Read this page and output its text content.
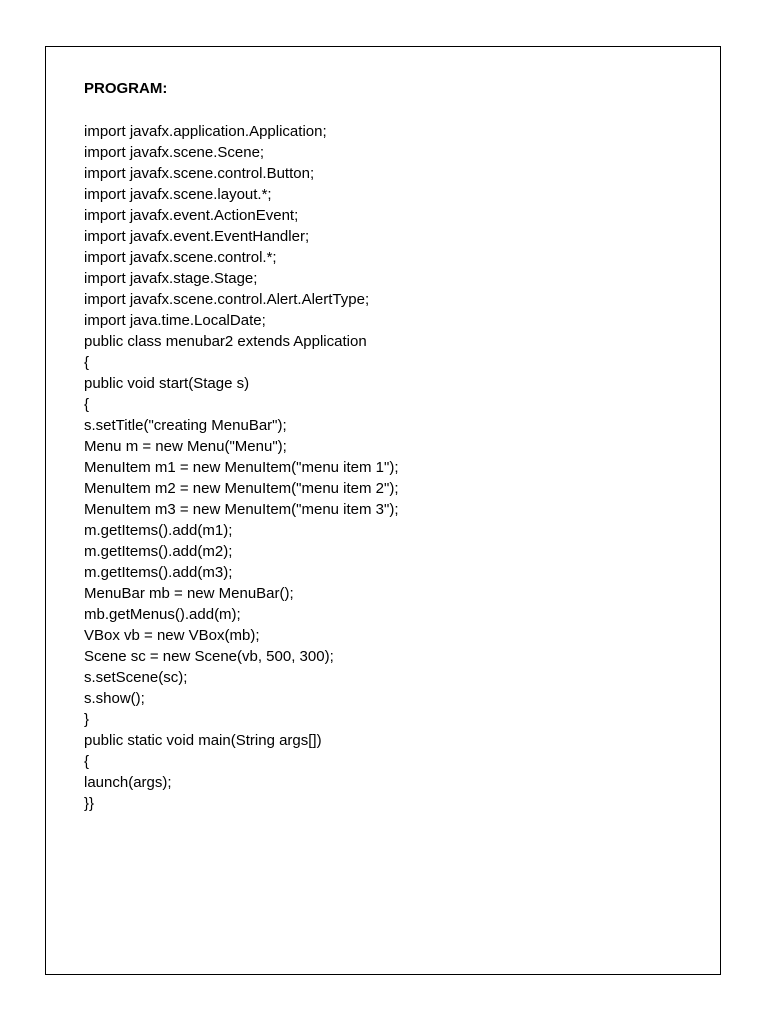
PROGRAM:
import javafx.application.Application;
import javafx.scene.Scene;
import javafx.scene.control.Button;
import javafx.scene.layout.*;
import javafx.event.ActionEvent;
import javafx.event.EventHandler;
import javafx.scene.control.*;
import javafx.stage.Stage;
import javafx.scene.control.Alert.AlertType;
import java.time.LocalDate;
public class menubar2 extends Application
{
public void start(Stage s)
{
s.setTitle("creating MenuBar");
Menu m = new Menu("Menu");
MenuItem m1 = new MenuItem("menu item 1");
MenuItem m2 = new MenuItem("menu item 2");
MenuItem m3 = new MenuItem("menu item 3");
m.getItems().add(m1);
m.getItems().add(m2);
m.getItems().add(m3);
MenuBar mb = new MenuBar();
mb.getMenus().add(m);
VBox vb = new VBox(mb);
Scene sc = new Scene(vb, 500, 300);
s.setScene(sc);
s.show();
}
public static void main(String args[])
{
launch(args);
}}
